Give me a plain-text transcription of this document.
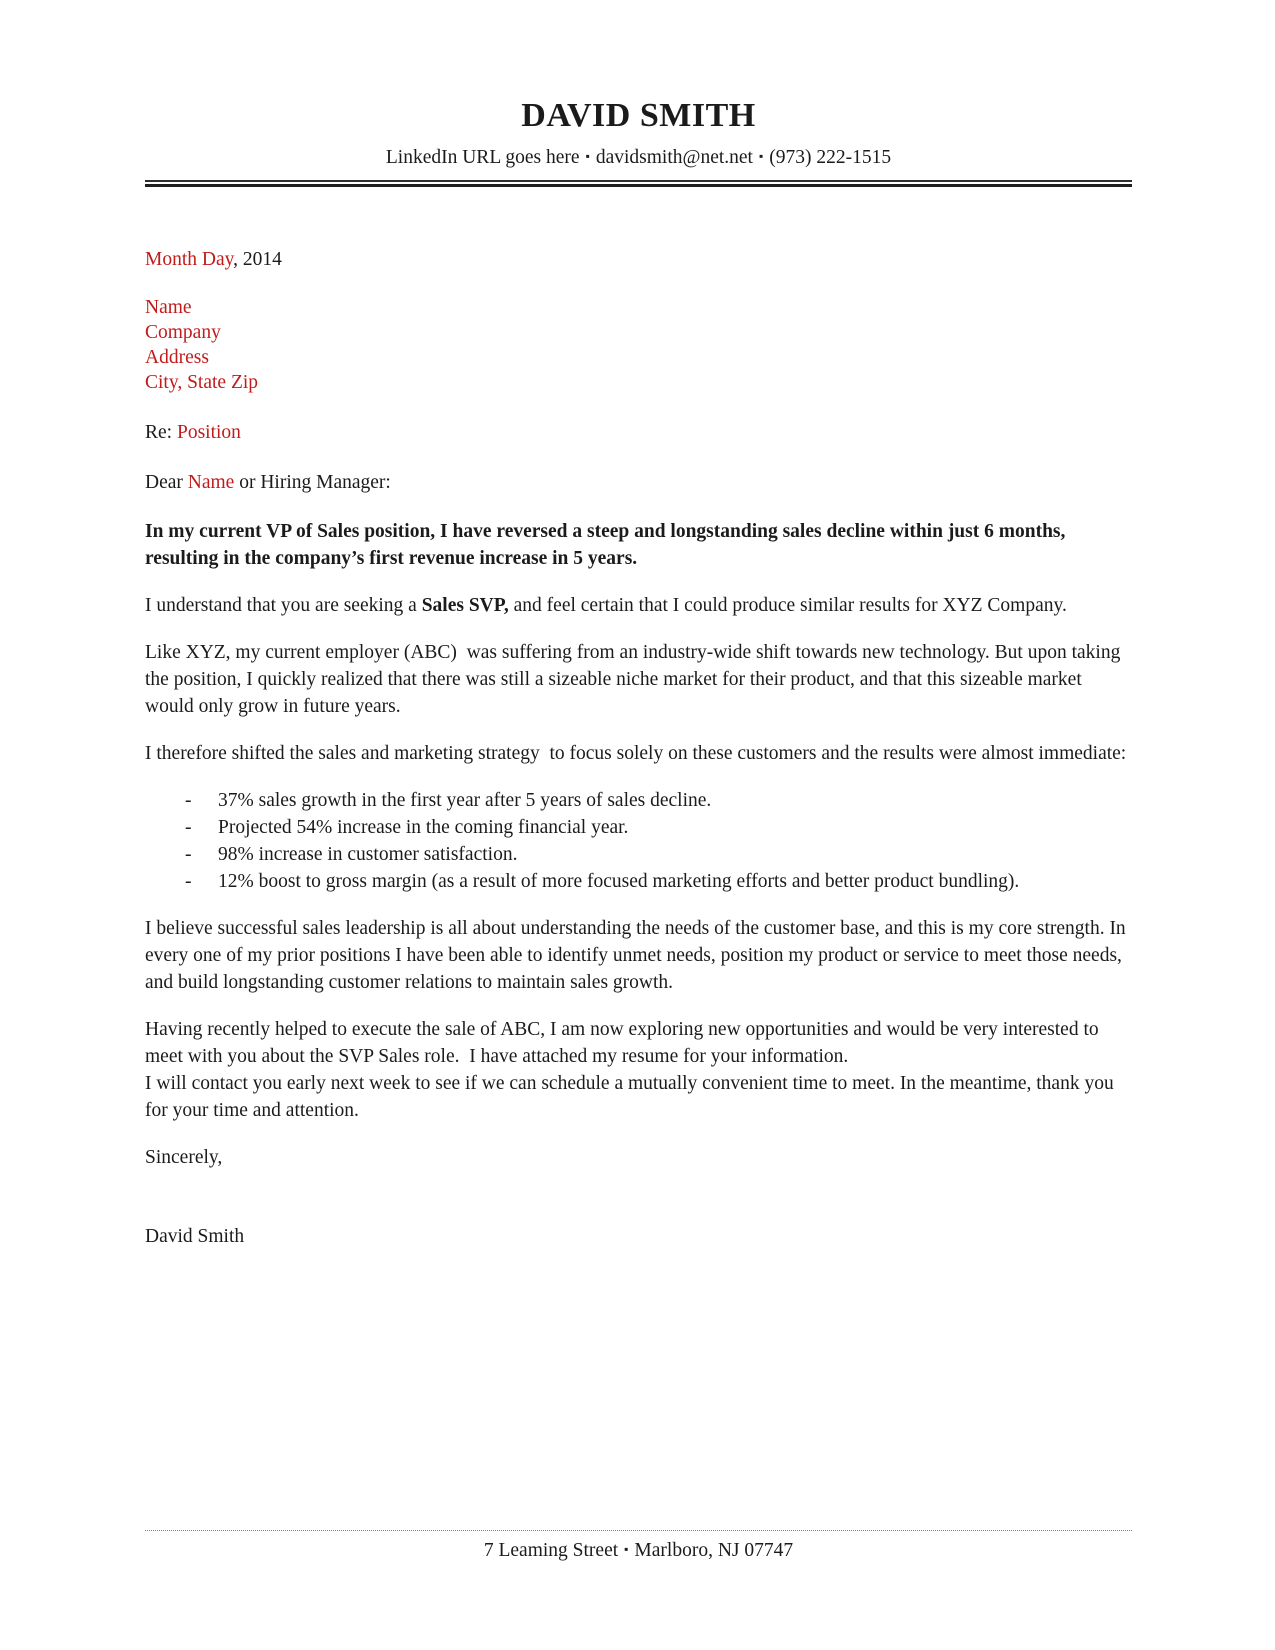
DAVID SMITH
LinkedIn URL goes here ▪ davidsmith@net.net ▪ (973) 222-1515

Month Day, 2014

Name
Company
Address
City, State Zip

Re: Position

Dear Name or Hiring Manager:

In my current VP of Sales position, I have reversed a steep and longstanding sales decline within just 6 months, resulting in the company’s first revenue increase in 5 years.

I understand that you are seeking a Sales SVP, and feel certain that I could produce similar results for XYZ Company.

Like XYZ, my current employer (ABC)  was suffering from an industry-wide shift towards new technology. But upon taking the position, I quickly realized that there was still a sizeable niche market for their product, and that this sizeable market would only grow in future years.

I therefore shifted the sales and marketing strategy  to focus solely on these customers and the results were almost immediate:

- 37% sales growth in the first year after 5 years of sales decline.
- Projected 54% increase in the coming financial year.
- 98% increase in customer satisfaction.
- 12% boost to gross margin (as a result of more focused marketing efforts and better product bundling).

I believe successful sales leadership is all about understanding the needs of the customer base, and this is my core strength. In every one of my prior positions I have been able to identify unmet needs, position my product or service to meet those needs, and build longstanding customer relations to maintain sales growth.

Having recently helped to execute the sale of ABC, I am now exploring new opportunities and would be very interested to meet with you about the SVP Sales role.  I have attached my resume for your information.
I will contact you early next week to see if we can schedule a mutually convenient time to meet. In the meantime, thank you for your time and attention.

Sincerely,

David Smith

7 Leaming Street ▪ Marlboro, NJ 07747
